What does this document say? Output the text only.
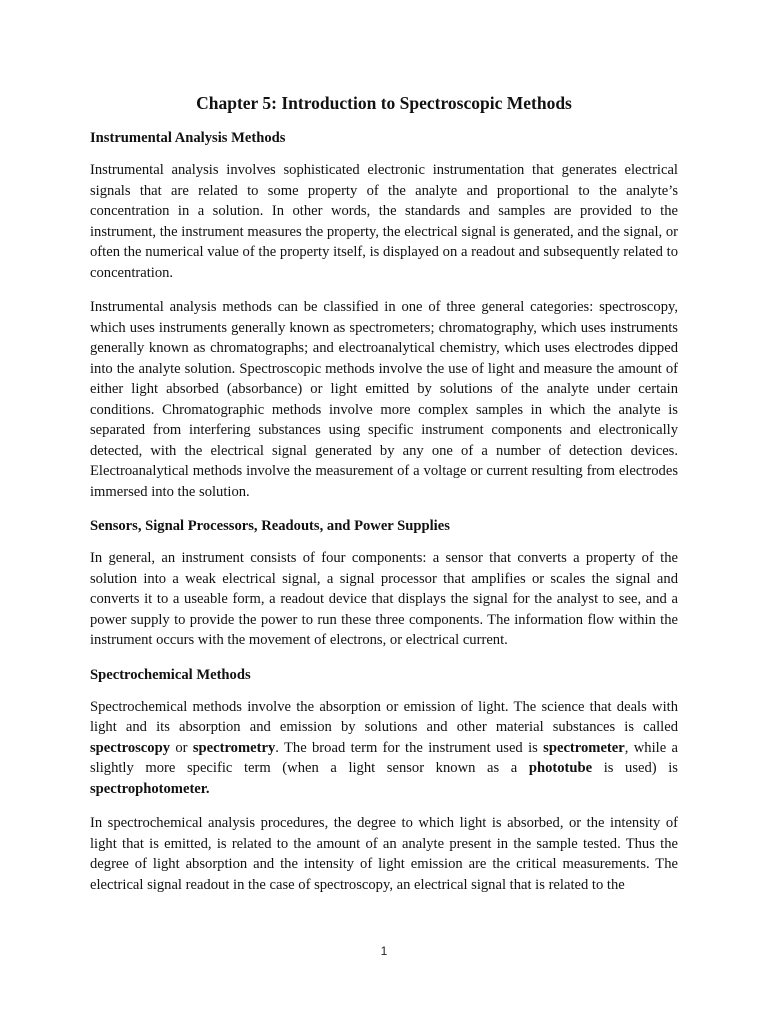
Chapter 5: Introduction to Spectroscopic Methods
Instrumental Analysis Methods
Instrumental analysis involves sophisticated electronic instrumentation that generates electrical signals that are related to some property of the analyte and proportional to the analyte’s concentration in a solution. In other words, the standards and samples are provided to the instrument, the instrument measures the property, the electrical signal is generated, and the signal, or often the numerical value of the property itself, is displayed on a readout and subsequently related to concentration.
Instrumental analysis methods can be classified in one of three general categories: spectroscopy, which uses instruments generally known as spectrometers; chromatography, which uses instruments generally known as chromatographs; and electroanalytical chemistry, which uses electrodes dipped into the analyte solution. Spectroscopic methods involve the use of light and measure the amount of either light absorbed (absorbance) or light emitted by solutions of the analyte under certain conditions. Chromatographic methods involve more complex samples in which the analyte is separated from interfering substances using specific instrument components and electronically detected, with the electrical signal generated by any one of a number of detection devices. Electroanalytical methods involve the measurement of a voltage or current resulting from electrodes immersed into the solution.
Sensors, Signal Processors, Readouts, and Power Supplies
In general, an instrument consists of four components: a sensor that converts a property of the solution into a weak electrical signal, a signal processor that amplifies or scales the signal and converts it to a useable form, a readout device that displays the signal for the analyst to see, and a power supply to provide the power to run these three components. The information flow within the instrument occurs with the movement of electrons, or electrical current.
Spectrochemical Methods
Spectrochemical methods involve the absorption or emission of light. The science that deals with light and its absorption and emission by solutions and other material substances is called spectroscopy or spectrometry. The broad term for the instrument used is spectrometer, while a slightly more specific term (when a light sensor known as a phototube is used) is spectrophotometer.
In spectrochemical analysis procedures, the degree to which light is absorbed, or the intensity of light that is emitted, is related to the amount of an analyte present in the sample tested. Thus the degree of light absorption and the intensity of light emission are the critical measurements. The electrical signal readout in the case of spectroscopy, an electrical signal that is related to the
1
